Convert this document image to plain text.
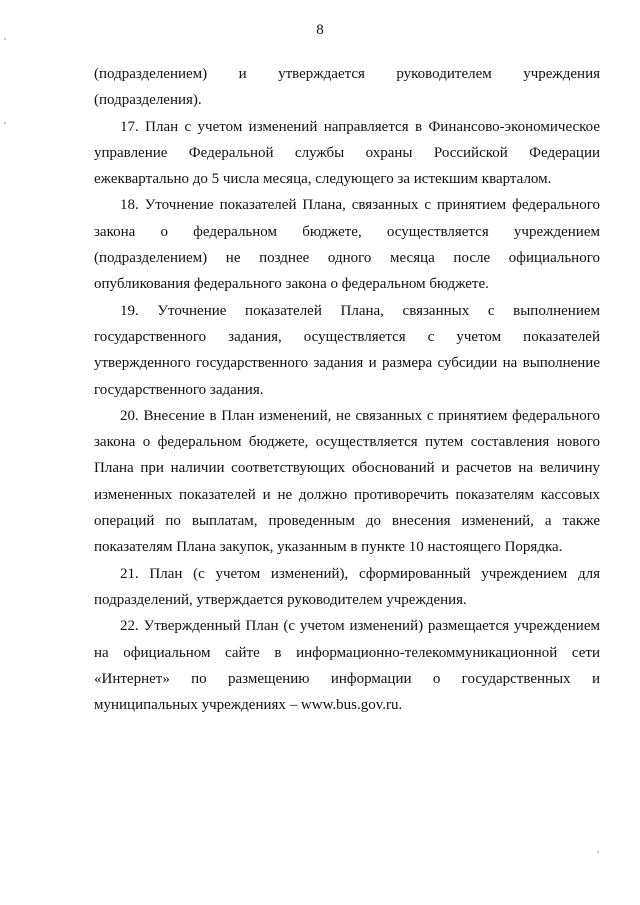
8

(подразделением) и утверждается руководителем учреждения (подразделения).

17. План с учетом изменений направляется в Финансово-экономическое управление Федеральной службы охраны Российской Федерации ежеквартально до 5 числа месяца, следующего за истекшим кварталом.

18. Уточнение показателей Плана, связанных с принятием федерального закона о федеральном бюджете, осуществляется учреждением (подразделением) не позднее одного месяца после официального опубликования федерального закона о федеральном бюджете.

19. Уточнение показателей Плана, связанных с выполнением государственного задания, осуществляется с учетом показателей утвержденного государственного задания и размера субсидии на выполнение государственного задания.

20. Внесение в План изменений, не связанных с принятием федерального закона о федеральном бюджете, осуществляется путем составления нового Плана при наличии соответствующих обоснований и расчетов на величину измененных показателей и не должно противоречить показателям кассовых операций по выплатам, проведенным до внесения изменений, а также показателям Плана закупок, указанным в пункте 10 настоящего Порядка.

21. План (с учетом изменений), сформированный учреждением для подразделений, утверждается руководителем учреждения.

22. Утвержденный План (с учетом изменений) размещается учреждением на официальном сайте в информационно-телекоммуникационной сети «Интернет» по размещению информации о государственных и муниципальных учреждениях – www.bus.gov.ru.
